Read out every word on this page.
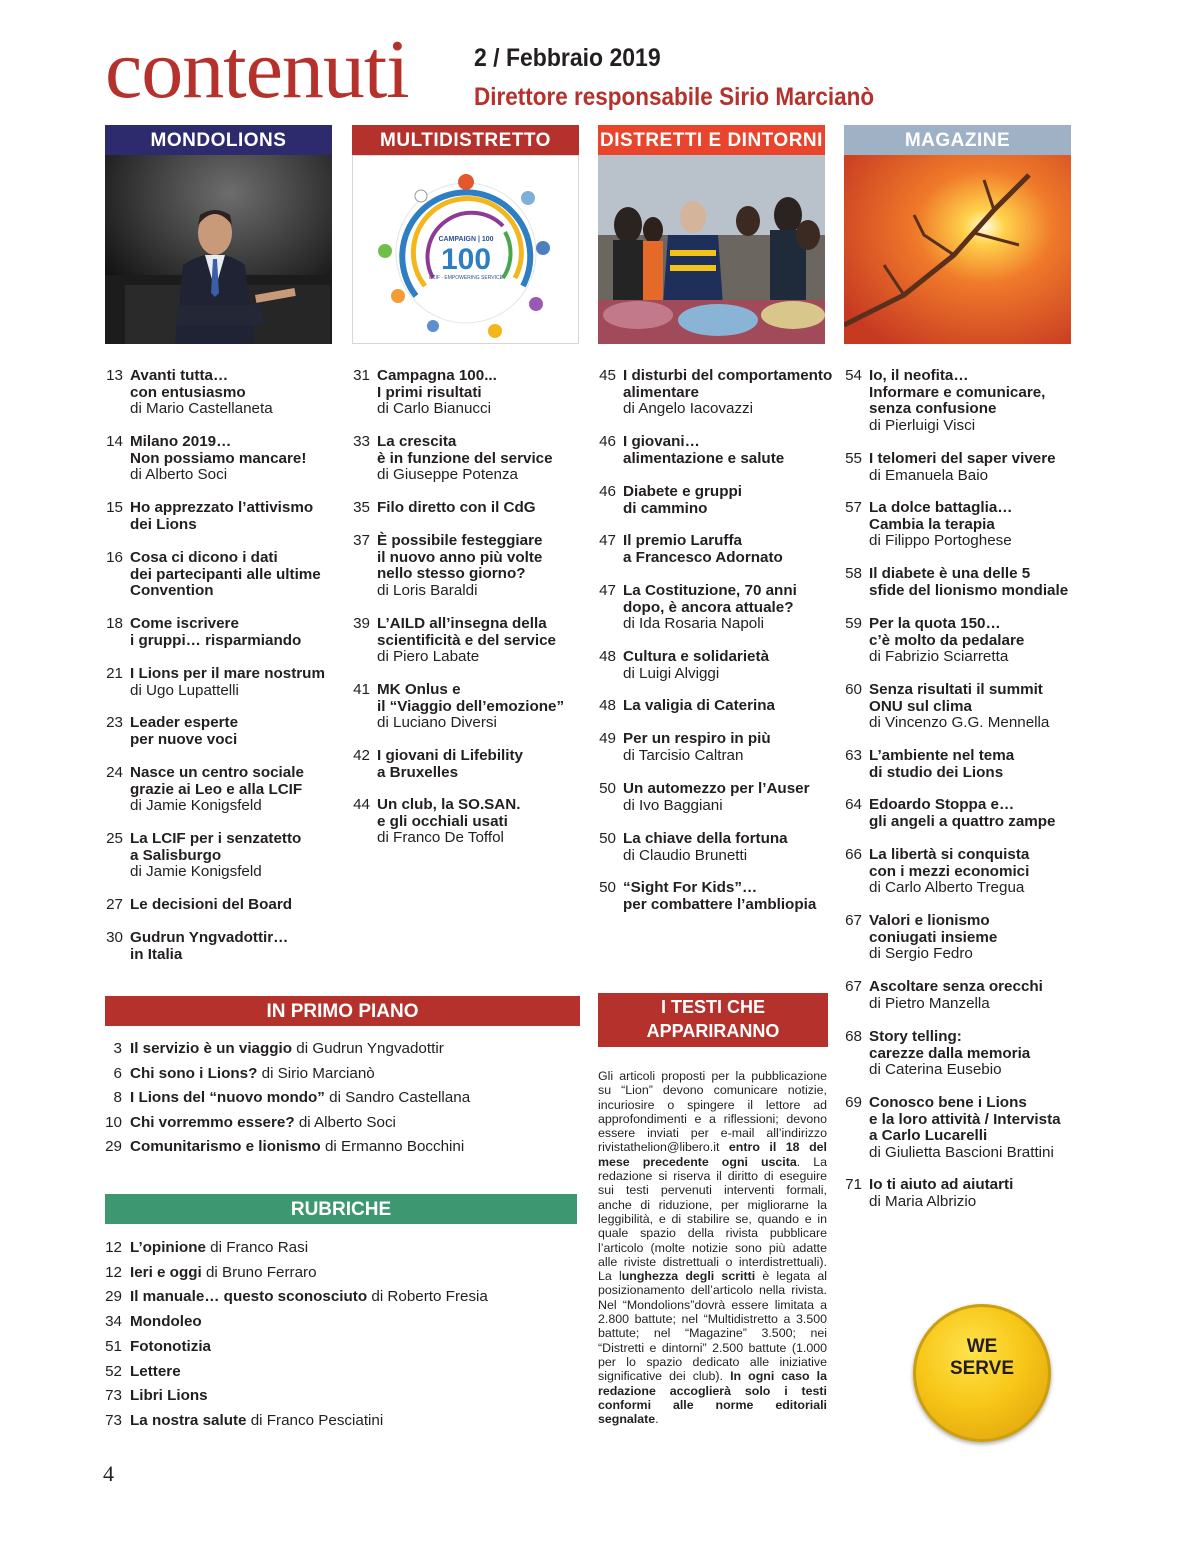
contenuti	2 / Febbraio 2019
Direttore responsabile Sirio Marcianò
MONDOLIONS	MULTIDISTRETTO	DISTRETTI E DINTORNI	MAGAZINE
CAMPAIGN | 100
100
LCIF · EMPOWERING SERVICE
13 Avanti tutta…
con entusiasmo
di Mario Castellaneta
14 Milano 2019…
Non possiamo mancare!
di Alberto Soci
15 Ho apprezzato l’attivismo
dei Lions
16 Cosa ci dicono i dati
dei partecipanti alle ultime
Convention
18 Come iscrivere
i gruppi… risparmiando
21 I Lions per il mare nostrum
di Ugo Lupattelli
23 Leader esperte
per nuove voci
24 Nasce un centro sociale
grazie ai Leo e alla LCIF
di Jamie Konigsfeld
25 La LCIF per i senzatetto
a Salisburgo
di Jamie Konigsfeld
27 Le decisioni del Board
30 Gudrun Yngvadottir…
in Italia
31 Campagna 100...
I primi risultati
di Carlo Bianucci
33 La crescita
è in funzione del service
di Giuseppe Potenza
35 Filo diretto con il CdG
37 È possibile festeggiare
il nuovo anno più volte
nello stesso giorno?
di Loris Baraldi
39 L’AILD all’insegna della
scientificità e del service
di Piero Labate
41 MK Onlus e
il “Viaggio dell’emozione”
di Luciano Diversi
42 I giovani di Lifebility
a Bruxelles
44 Un club, la SO.SAN.
e gli occhiali usati
di Franco De Toffol
45 I disturbi del comportamento
alimentare
di Angelo Iacovazzi
46 I giovani…
alimentazione e salute
46 Diabete e gruppi
di cammino
47 Il premio Laruffa
a Francesco Adornato
47 La Costituzione, 70 anni
dopo, è ancora attuale?
di Ida Rosaria Napoli
48 Cultura e solidarietà
di Luigi Alviggi
48 La valigia di Caterina
49 Per un respiro in più
di Tarcisio Caltran
50 Un automezzo per l’Auser
di Ivo Baggiani
50 La chiave della fortuna
di Claudio Brunetti
50 “Sight For Kids”…
per combattere l’ambliopia
54 Io, il neofita…
Informare e comunicare,
senza confusione
di Pierluigi Visci
55 I telomeri del saper vivere
di Emanuela Baio
57 La dolce battaglia…
Cambia la terapia
di Filippo Portoghese
58 Il diabete è una delle 5
sfide del lionismo mondiale
59 Per la quota 150…
c’è molto da pedalare
di Fabrizio Sciarretta
60 Senza risultati il summit
ONU sul clima
di Vincenzo G.G. Mennella
63 L’ambiente nel tema
di studio dei Lions
64 Edoardo Stoppa e…
gli angeli a quattro zampe
66 La libertà si conquista
con i mezzi economici
di Carlo Alberto Tregua
67 Valori e lionismo
coniugati insieme
di Sergio Fedro
67 Ascoltare senza orecchi
di Pietro Manzella
68 Story telling:
carezze dalla memoria
di Caterina Eusebio
69 Conosco bene i Lions
e la loro attività / Intervista
a Carlo Lucarelli
di Giulietta Bascioni Brattini
71 Io ti aiuto ad aiutarti
di Maria Albrizio
IN PRIMO PIANO
3 Il servizio è un viaggio di Gudrun Yngvadottir
6 Chi sono i Lions? di Sirio Marcianò
8 I Lions del “nuovo mondo” di Sandro Castellana
10 Chi vorremmo essere? di Alberto Soci
29 Comunitarismo e lionismo di Ermanno Bocchini
RUBRICHE
12 L’opinione di Franco Rasi
12 Ieri e oggi di Bruno Ferraro
29 Il manuale… questo sconosciuto di Roberto Fresia
34 Mondoleo
51 Fotonotizia
52 Lettere
73 Libri Lions
73 La nostra salute di Franco Pesciatini
I TESTI CHE APPARIRANNO
SU “LION”...
Gli articoli proposti per la pubblicazione su “Lion” devono comunicare notizie, incuriosire o spingere il lettore ad approfondimenti e a riflessioni; devono essere inviati per e-mail all’indirizzo rivistathelion@libero.it entro il 18 del mese precedente ogni uscita. La redazione si riserva il diritto di eseguire sui testi pervenuti interventi formali, anche di riduzione, per migliorarne la leggibilità, e di stabilire se, quando e in quale spazio della rivista pubblicare l’articolo (molte notizie sono più adatte alle riviste distrettuali o interdistrettuali). La lunghezza degli scritti è legata al posizionamento dell’articolo nella rivista. Nel “Mondolions”dovrà essere limitata a 2.800 battute; nel “Multidistretto a 3.500 battute; nel “Magazine” 3.500; nei “Distretti e dintorni” 2.500 battute (1.000 per lo spazio dedicato alle iniziative significative dei club). In ogni caso la redazione accoglierà solo i testi conformi alle norme editoriali segnalate.
WE
SERVE
4
